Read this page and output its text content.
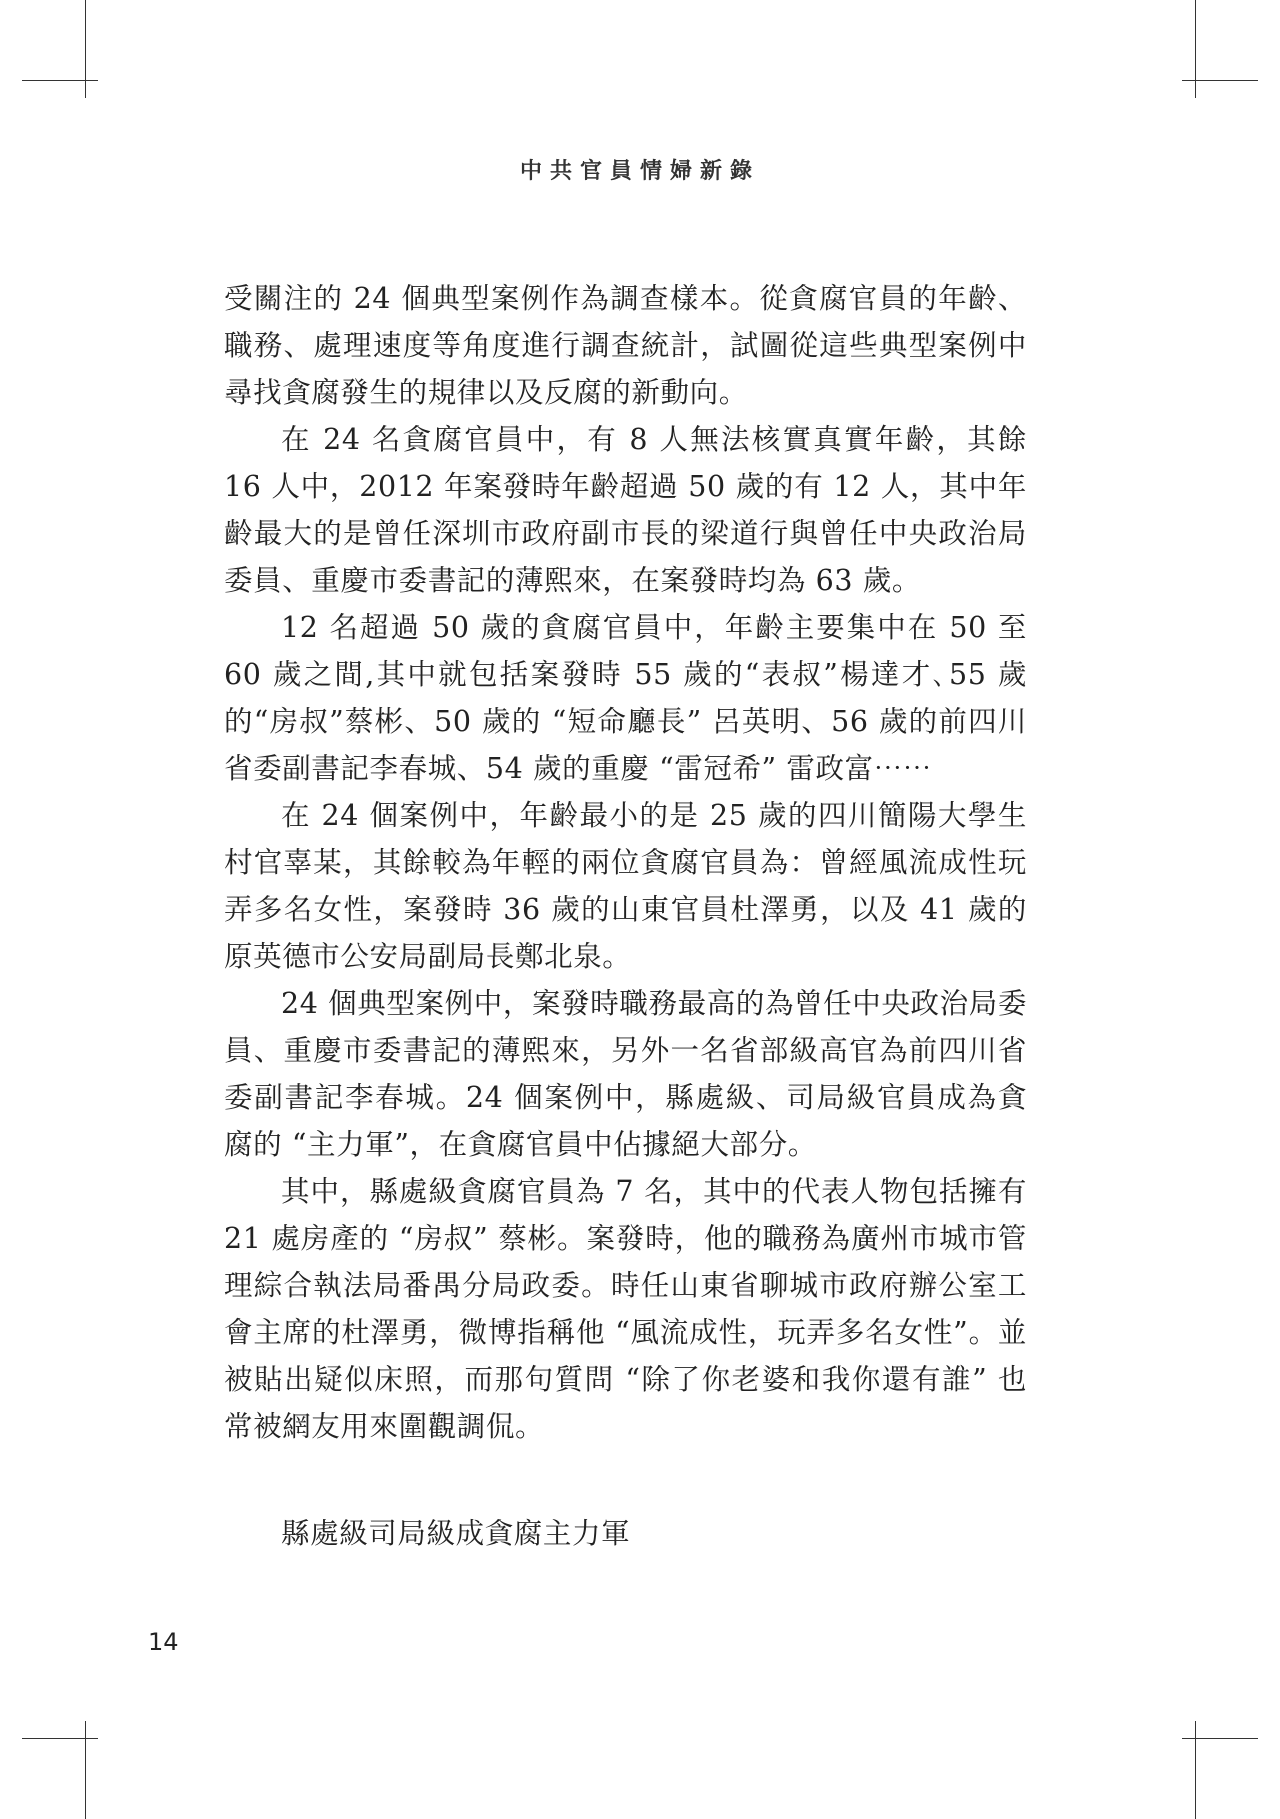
中共官員情婦新錄

受關注的 24 個典型案例作為調查樣本。從貪腐官員的年齡、職務、處理速度等角度進行調查統計，試圖從這些典型案例中尋找貪腐發生的規律以及反腐的新動向。

在 24 名貪腐官員中，有 8 人無法核實真實年齡，其餘 16 人中，2012 年案發時年齡超過 50 歲的有 12 人，其中年齡最大的是曾任深圳市政府副市長的梁道行與曾任中央政治局委員、重慶市委書記的薄熙來，在案發時均為 63 歲。

12 名超過 50 歲的貪腐官員中，年齡主要集中在 50 至 60 歲之間,其中就包括案發時 55 歲的“表叔”楊達才､55 歲的“房叔”蔡彬、50 歲的 “短命廳長” 呂英明、56 歲的前四川省委副書記李春城、54 歲的重慶 “雷冠希” 雷政富⋯⋯

在 24 個案例中，年齡最小的是 25 歲的四川簡陽大學生村官辜某，其餘較為年輕的兩位貪腐官員為：曾經風流成性玩弄多名女性，案發時 36 歲的山東官員杜澤勇，以及 41 歲的原英德市公安局副局長鄭北泉。

24 個典型案例中，案發時職務最高的為曾任中央政治局委員、重慶市委書記的薄熙來，另外一名省部級高官為前四川省委副書記李春城。24 個案例中，縣處級、司局級官員成為貪腐的 “主力軍”，在貪腐官員中佔據絕大部分。

其中，縣處級貪腐官員為 7 名，其中的代表人物包括擁有 21 處房產的 “房叔” 蔡彬。案發時，他的職務為廣州市城市管理綜合執法局番禺分局政委。時任山東省聊城市政府辦公室工會主席的杜澤勇，微博指稱他 “風流成性，玩弄多名女性”。並被貼出疑似床照，而那句質問 “除了你老婆和我你還有誰” 也常被網友用來圍觀調侃。

縣處級司局級成貪腐主力軍
14
